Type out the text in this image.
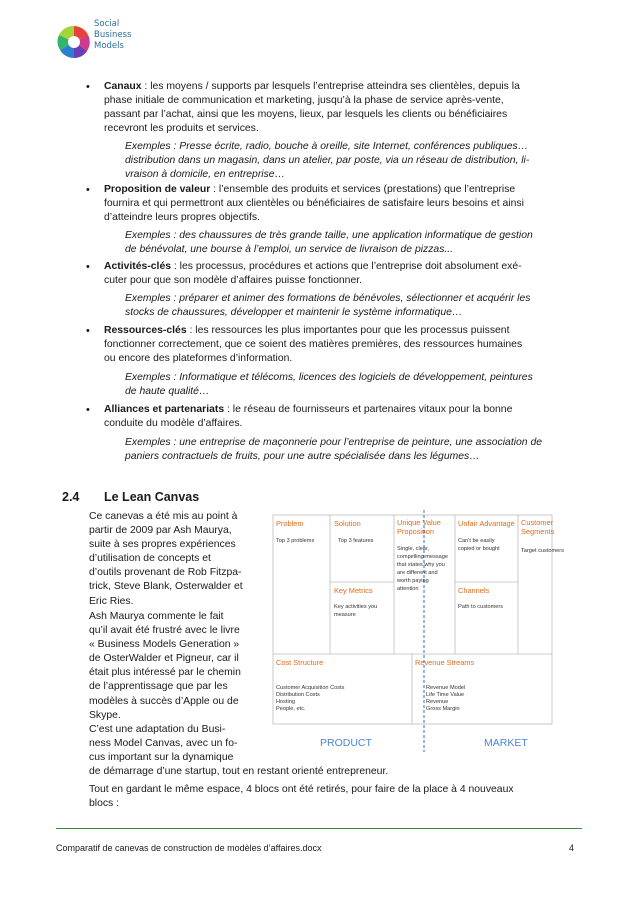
Social
Business
Models
• Canaux : les moyens / supports par lesquels l’entreprise atteindra ses clientèles, depuis la
phase initiale de communication et marketing, jusqu’à la phase de service après-vente,
passant par l’achat, ainsi que les moyens, lieux, par lesquels les clients ou bénéficiaires
recevront les produits et services.
Exemples : Presse écrite, radio, bouche à oreille, site Internet, conférences publiques…
distribution dans un magasin, dans un atelier, par poste, via un réseau de distribution, li-
vraison à domicile, en entreprise…
• Proposition de valeur : l’ensemble des produits et services (prestations) que l’entreprise
fournira et qui permettront aux clientèles ou bénéficiaires de satisfaire leurs besoins et ainsi
d’atteindre leurs propres objectifs.
Exemples : des chaussures de très grande taille, une application informatique de gestion
de bénévolat, une bourse à l’emploi, un service de livraison de pizzas...
• Activités-clés : les processus, procédures et actions que l’entreprise doit absolument exé-
cuter pour que son modèle d’affaires puisse fonctionner.
Exemples : préparer et animer des formations de bénévoles, sélectionner et acquérir les
stocks de chaussures, développer et maintenir le système informatique…
• Ressources-clés : les ressources les plus importantes pour que les processus puissent
fonctionner correctement, que ce soient des matières premières, des ressources humaines
ou encore des plateformes d’information.
Exemples : Informatique et télécoms, licences des logiciels de développement, peintures
de haute qualité…
• Alliances et partenariats : le réseau de fournisseurs et partenaires vitaux pour la bonne
conduite du modèle d’affaires.
Exemples : une entreprise de maçonnerie pour l’entreprise de peinture, une association de
paniers contractuels de fruits, pour une autre spécialisée dans les légumes…
2.4 Le Lean Canvas
Ce canevas a été mis au point à
partir de 2009 par Ash Maurya,
suite à ses propres expériences
d’utilisation de concepts et
d’outils provenant de Rob Fitzpa-
trick, Steve Blank, Osterwalder et
Eric Ries.
Ash Maurya commente le fait
qu’il avait été frustré avec le livre
« Business Models Generation »
de OsterWalder et Pigneur, car il
était plus intéressé par le chemin
de l’apprentissage que par les
modèles à succès d’Apple ou de
Skype.
C’est une adaptation du Busi-
ness Model Canvas, avec un fo-
cus important sur la dynamique
de démarrage d’une startup, tout en restant orienté entrepreneur.
Tout en gardant le même espace, 4 blocs ont été retirés, pour faire de la place à 4 nouveaux
blocs :
Problem	Solution	Unique Value
Proposition
Unfair Advantage Customer
Segments
Key Metrics	Channels
Cost Structure	Revenue Streams
Top 3 problems	Top 3 features
Single, clear,
compelling message
that states why you
are different and
worth paying
attention
Can't be easily
copied or bought	Target customers
Key activities you
measure
Path to customers
Customer Acquisition Costs
Distribution Costs
Hosting
People, etc.
Revenue Model
Life Time Value
Revenue
Gross Margin
PRODUCT	MARKET
Comparatif de canevas de construction de modèles d’affaires.docx	4
